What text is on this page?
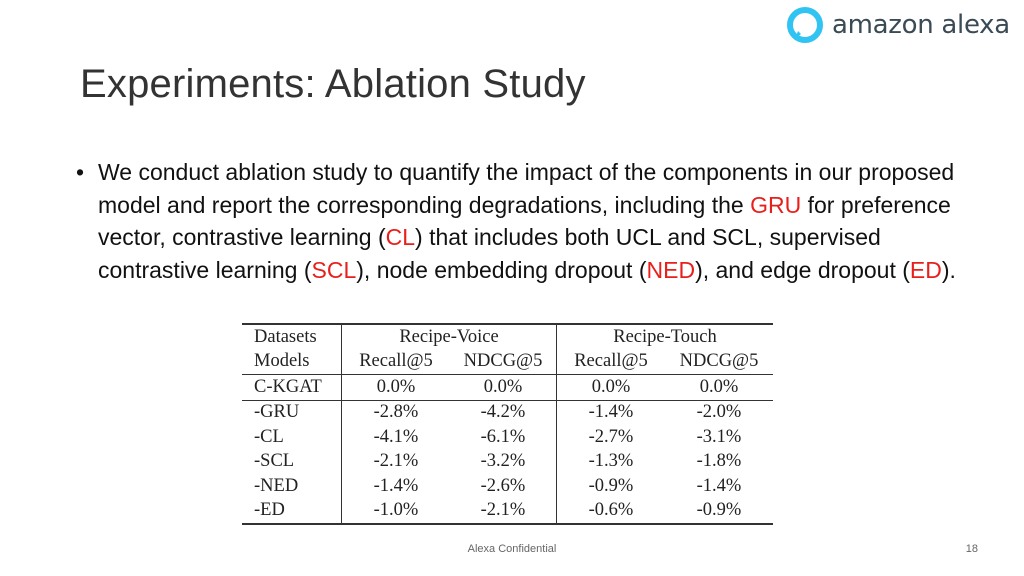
amazon alexa
Experiments: Ablation Study
• We conduct ablation study to quantify the impact of the components in our proposed model and report the corresponding degradations, including the GRU for preference vector, contrastive learning (CL) that includes both UCL and SCL, supervised contrastive learning (SCL), node embedding dropout (NED), and edge dropout (ED).
Datasets	Recipe-Voice		Recipe-Touch	
Models	Recall@5	NDCG@5	Recall@5	NDCG@5
C-KGAT	0.0%	0.0%	0.0%	0.0%
-GRU	-2.8%	-4.2%	-1.4%	-2.0%
-CL	-4.1%	-6.1%	-2.7%	-3.1%
-SCL	-2.1%	-3.2%	-1.3%	-1.8%
-NED	-1.4%	-2.6%	-0.9%	-1.4%
-ED	-1.0%	-2.1%	-0.6%	-0.9%
Alexa Confidential	18
